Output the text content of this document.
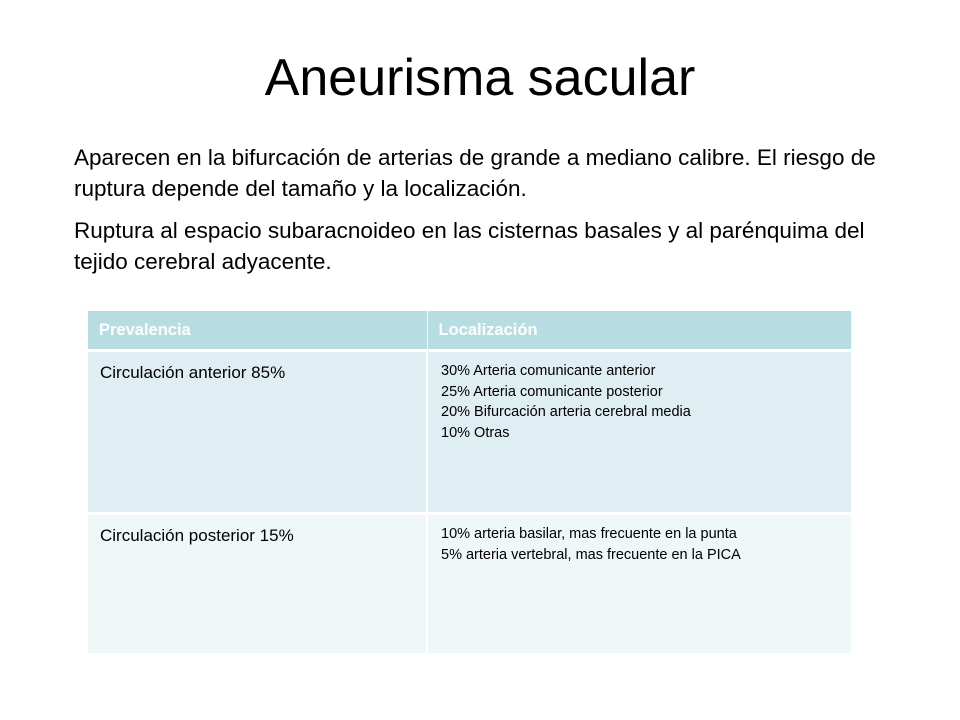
Aneurisma sacular

Aparecen en la bifurcación de arterias de grande a mediano calibre. El riesgo de ruptura depende del tamaño y la localización.

Ruptura al espacio subaracnoideo en las cisternas basales y al parénquima del tejido cerebral adyacente.

Prevalencia	Localización

Circulación anterior 85%	30% Arteria comunicante anterior
25% Arteria comunicante posterior
20% Bifurcación arteria cerebral media
10% Otras

Circulación posterior 15%	10% arteria basilar, mas frecuente en la punta
5% arteria vertebral, mas frecuente en la PICA
